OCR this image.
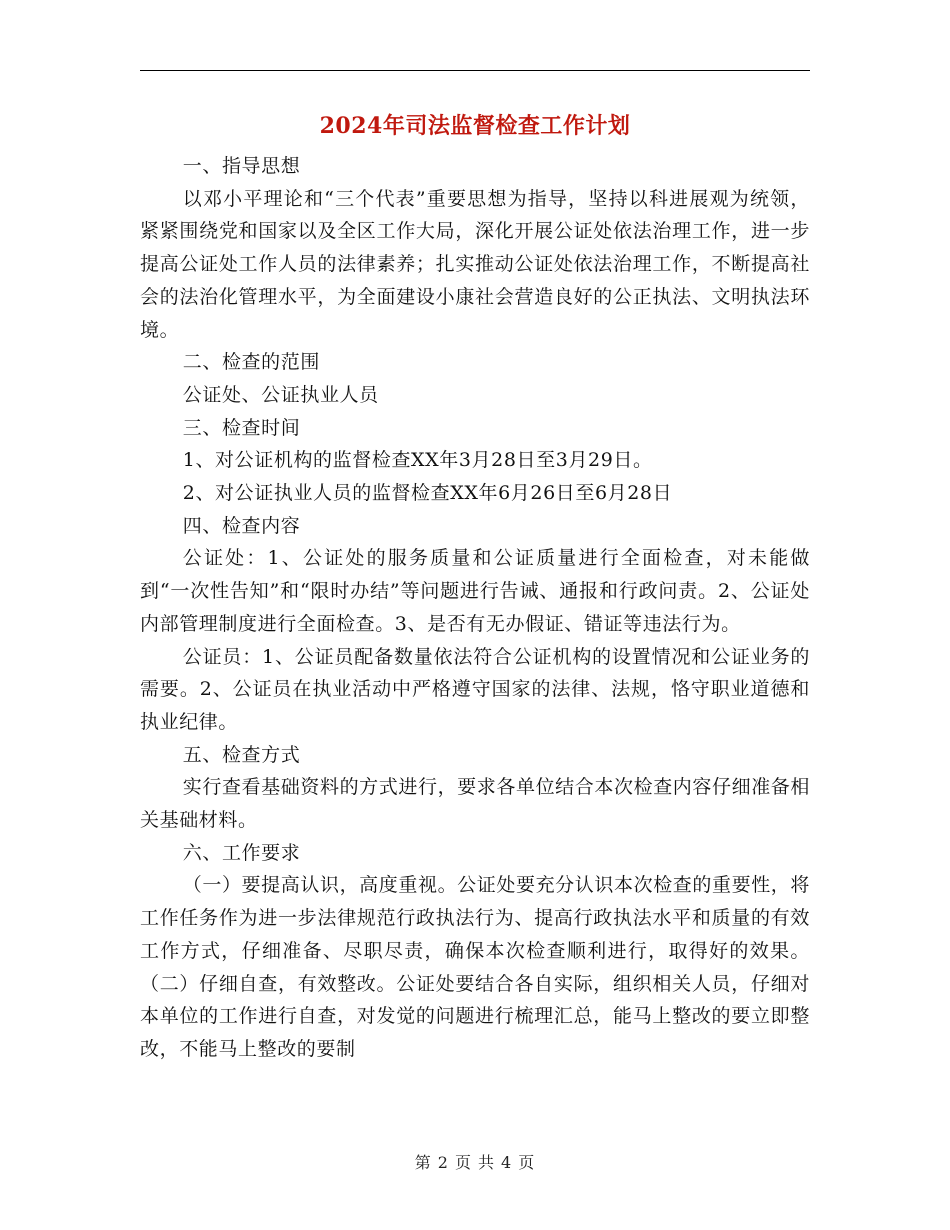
2024年司法监督检查工作计划

一、指导思想

以邓小平理论和“三个代表”重要思想为指导，坚持以科进展观为统领，紧紧围绕党和国家以及全区工作大局，深化开展公证处依法治理工作，进一步提高公证处工作人员的法律素养；扎实推动公证处依法治理工作，不断提高社会的法治化管理水平，为全面建设小康社会营造良好的公正执法、文明执法环境。

二、检查的范围

公证处、公证执业人员

三、检查时间

1、对公证机构的监督检查XX年3月28日至3月29日。

2、对公证执业人员的监督检查XX年6月26日至6月28日

四、检查内容

公证处：1、公证处的服务质量和公证质量进行全面检查，对未能做到“一次性告知”和“限时办结”等问题进行告诫、通报和行政问责。2、公证处内部管理制度进行全面检查。3、是否有无办假证、错证等违法行为。

公证员：1、公证员配备数量依法符合公证机构的设置情况和公证业务的需要。2、公证员在执业活动中严格遵守国家的法律、法规，恪守职业道德和执业纪律。

五、检查方式

实行查看基础资料的方式进行，要求各单位结合本次检查内容仔细准备相关基础材料。

六、工作要求

（一）要提高认识，高度重视。公证处要充分认识本次检查的重要性，将工作任务作为进一步法律规范行政执法行为、提高行政执法水平和质量的有效工作方式，仔细准备、尽职尽责，确保本次检查顺利进行，取得好的效果。（二）仔细自查，有效整改。公证处要结合各自实际，组织相关人员，仔细对本单位的工作进行自查，对发觉的问题进行梳理汇总，能马上整改的要立即整改，不能马上整改的要制

第 2 页 共 4 页
